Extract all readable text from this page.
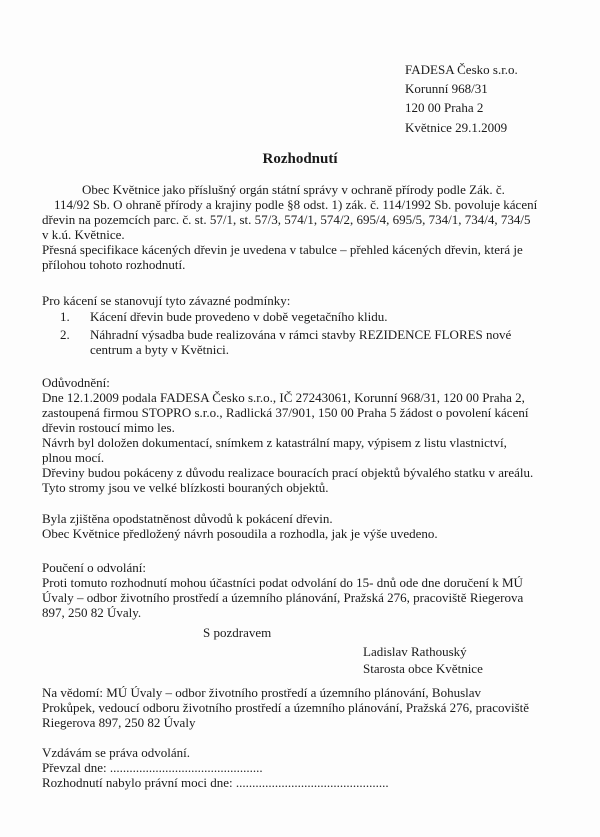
FADESA Česko s.r.o.
Korunní 968/31
120 00 Praha 2
Květnice 29.1.2009
Rozhodnutí
Obec Květnice jako příslušný orgán státní správy v ochraně přírody podle Zák. č.
114/92 Sb. O ohraně přírody a krajiny podle §8 odst. 1) zák. č. 114/1992 Sb. povoluje kácení
dřevin na pozemcích parc. č. st. 57/1, st. 57/3, 574/1, 574/2, 695/4, 695/5, 734/1, 734/4, 734/5
v k.ú. Květnice.
Přesná specifikace kácených dřevin je uvedena v tabulce – přehled kácených dřevin, která je
přílohou tohoto rozhodnutí.
Pro kácení se stanovují tyto závazné podmínky:
1.	Kácení dřevin bude provedeno v době vegetačního klidu.
2.	Náhradní výsadba bude realizována v rámci stavby REZIDENCE FLORES nové
centrum a byty v Květnici.
Odůvodnění:
Dne 12.1.2009 podala FADESA Česko s.r.o., IČ 27243061, Korunní 968/31, 120 00 Praha 2,
zastoupená firmou STOPRO s.r.o., Radlická 37/901, 150 00 Praha 5 žádost o povolení kácení
dřevin rostoucí mimo les.
Návrh byl doložen dokumentací, snímkem z katastrální mapy, výpisem z listu vlastnictví,
plnou mocí.
Dřeviny budou pokáceny z důvodu realizace bouracích prací objektů bývalého statku v areálu.
Tyto stromy jsou ve velké blízkosti bouraných objektů.
Byla zjištěna opodstatněnost důvodů k pokácení dřevin.
Obec Květnice předložený návrh posoudila a rozhodla, jak je výše uvedeno.
Poučení o odvolání:
Proti tomuto rozhodnutí mohou účastníci podat odvolání do 15- dnů ode dne doručení k MÚ
Úvaly – odbor životního prostředí a územního plánování, Pražská 276, pracoviště Riegerova
897, 250 82 Úvaly.
S pozdravem
Ladislav Rathouský
Starosta obce Květnice
Na vědomí: MÚ Úvaly – odbor životního prostředí a územního plánování, Bohuslav
Prokůpek, vedoucí odboru životního prostředí a územního plánování, Pražská 276, pracoviště
Riegerova 897, 250 82 Úvaly
Vzdávám se práva odvolání.
Převzal dne: ...............................................
Rozhodnutí nabylo právní moci dne: ...............................................
